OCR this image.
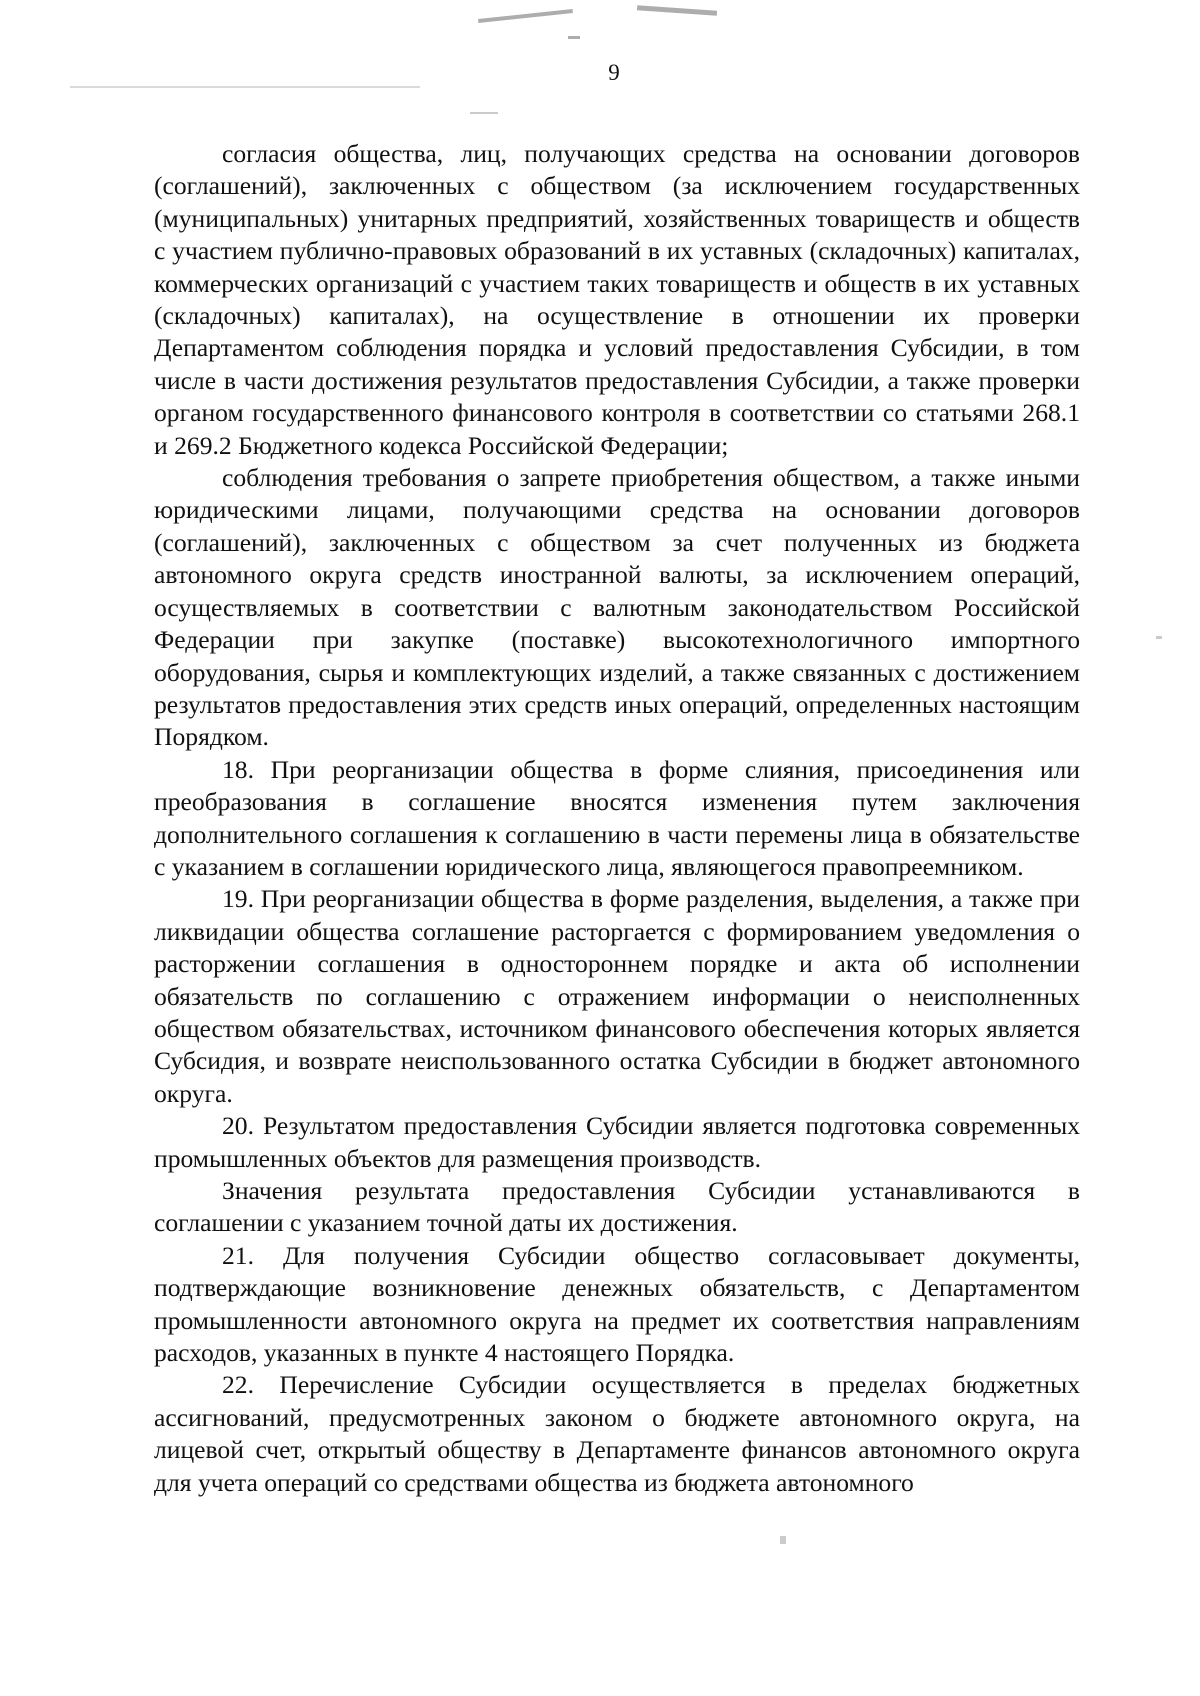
9

согласия общества, лиц, получающих средства на основании договоров (соглашений), заключенных с обществом (за исключением государственных (муниципальных) унитарных предприятий, хозяйственных товариществ и обществ с участием публично-правовых образований в их уставных (складочных) капиталах, коммерческих организаций с участием таких товариществ и обществ в их уставных (складочных) капиталах), на осуществление в отношении их проверки Департаментом соблюдения порядка и условий предоставления Субсидии, в том числе в части достижения результатов предоставления Субсидии, а также проверки органом государственного финансового контроля в соответствии со статьями 268.1 и 269.2 Бюджетного кодекса Российской Федерации;

соблюдения требования о запрете приобретения обществом, а также иными юридическими лицами, получающими средства на основании договоров (соглашений), заключенных с обществом за счет полученных из бюджета автономного округа средств иностранной валюты, за исключением операций, осуществляемых в соответствии с валютным законодательством Российской Федерации при закупке (поставке) высокотехнологичного импортного оборудования, сырья и комплектующих изделий, а также связанных с достижением результатов предоставления этих средств иных операций, определенных настоящим Порядком.

18. При реорганизации общества в форме слияния, присоединения или преобразования в соглашение вносятся изменения путем заключения дополнительного соглашения к соглашению в части перемены лица в обязательстве с указанием в соглашении юридического лица, являющегося правопреемником.

19. При реорганизации общества в форме разделения, выделения, а также при ликвидации общества соглашение расторгается с формированием уведомления о расторжении соглашения в одностороннем порядке и акта об исполнении обязательств по соглашению с отражением информации о неисполненных обществом обязательствах, источником финансового обеспечения которых является Субсидия, и возврате неиспользованного остатка Субсидии в бюджет автономного округа.

20. Результатом предоставления Субсидии является подготовка современных промышленных объектов для размещения производств.

Значения результата предоставления Субсидии устанавливаются в соглашении с указанием точной даты их достижения.

21. Для получения Субсидии общество согласовывает документы, подтверждающие возникновение денежных обязательств, с Департаментом промышленности автономного округа на предмет их соответствия направлениям расходов, указанных в пункте 4 настоящего Порядка.

22. Перечисление Субсидии осуществляется в пределах бюджетных ассигнований, предусмотренных законом о бюджете автономного округа, на лицевой счет, открытый обществу в Департаменте финансов автономного округа для учета операций со средствами общества из бюджета автономного
